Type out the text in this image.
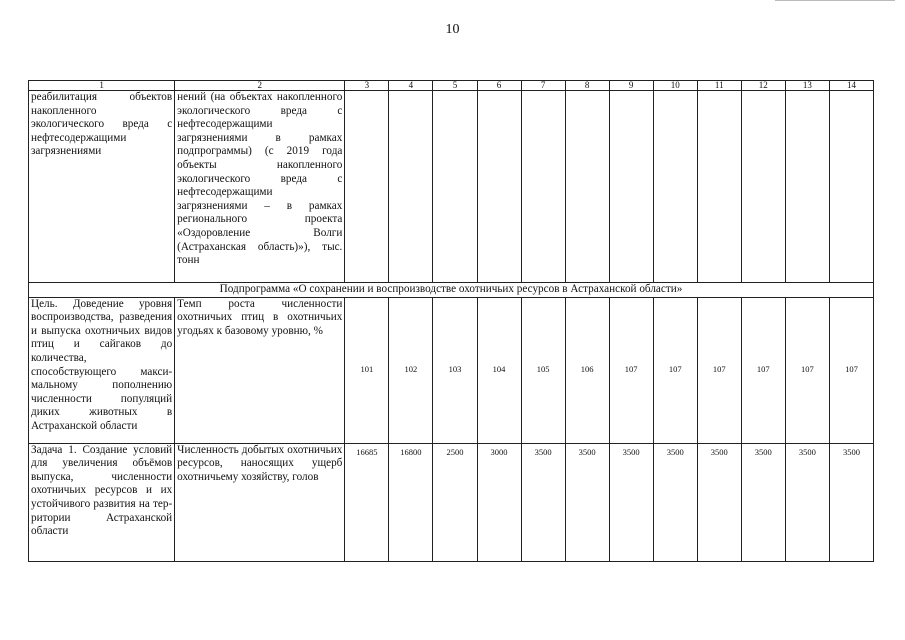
10
1	2	3	4	5	6	7	8	9	10	11	12	13	14
реабилитация объектов накопленного экологического вреда с нефтесодержащими загрязнениями	нений (на объектах накопленного экологического вреда с нефтесодержащими загрязнениями в рамках подпрограммы) (с 2019 года объекты накопленного экологического вреда с нефтесодержащими загрязнениями – в рамках регионального проекта «Оздоровление Волги (Астраханская область)»), тыс. тонн												
Подпрограмма «О сохранении и воспроизводстве охотничьих ресурсов в Астраханской области»													
Цель. Доведение уровня воспроизводства, разведения и выпуска охотничьих видов птиц и сайгаков до количества, способствующего максимальному пополнению численности популяций диких животных в Астраханской области	Темп роста численности охотничьих птиц в охотничьих угодьях к базовому уровню, %	101	102	103	104	105	106	107	107	107	107	107	107
Задача 1. Создание условий для увеличения объёмов выпуска, численности охотничьих ресурсов и их устойчивого развития на территории Астраханской области	Численность добытых охотничьих ресурсов, наносящих ущерб охотничьему хозяйству, голов	16685	16800	2500	3000	3500	3500	3500	3500	3500	3500	3500	3500
